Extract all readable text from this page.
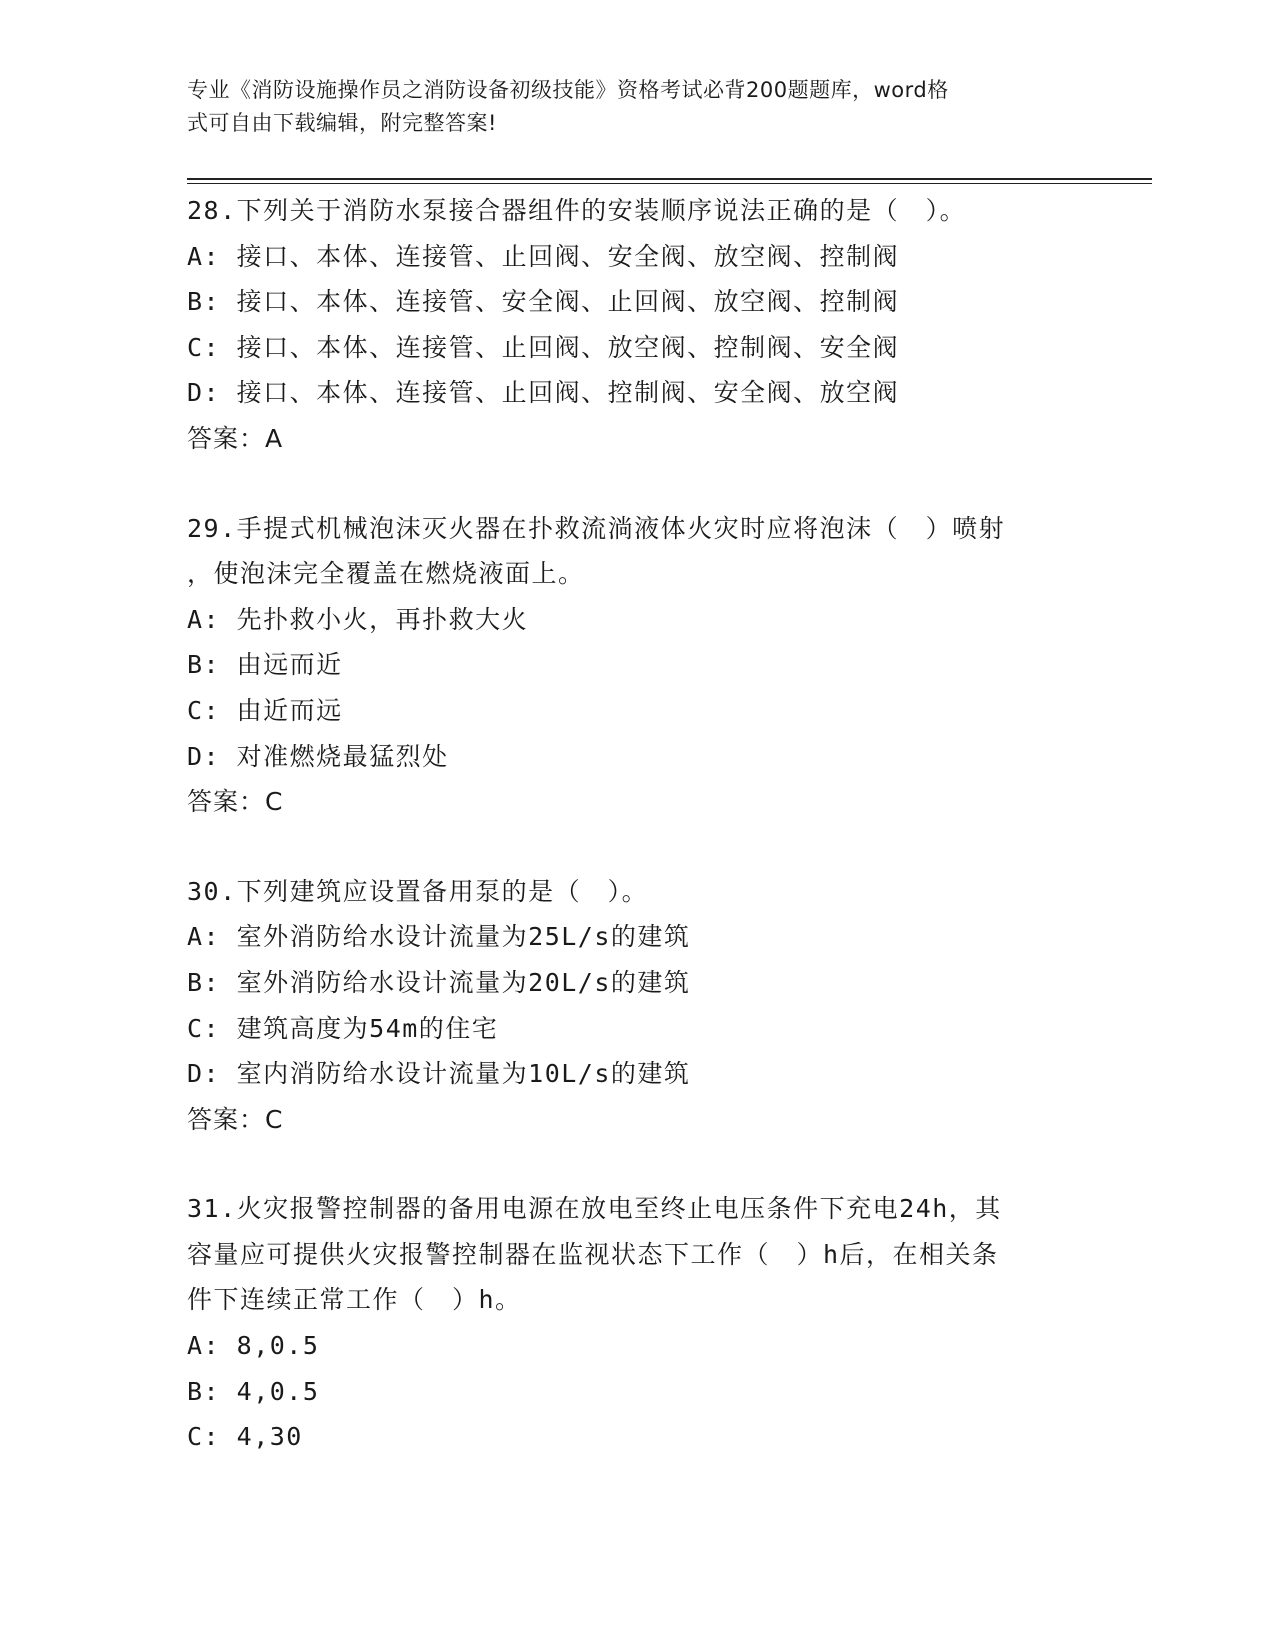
专业《消防设施操作员之消防设备初级技能》资格考试必背200题题库，word格
式可自由下载编辑，附完整答案!
28.下列关于消防水泵接合器组件的安装顺序说法正确的是（　）。
A: 接口、本体、连接管、止回阀、安全阀、放空阀、控制阀
B: 接口、本体、连接管、安全阀、止回阀、放空阀、控制阀
C: 接口、本体、连接管、止回阀、放空阀、控制阀、安全阀
D: 接口、本体、连接管、止回阀、控制阀、安全阀、放空阀
答案：A
29.手提式机械泡沫灭火器在扑救流淌液体火灾时应将泡沫（　）喷射
，使泡沫完全覆盖在燃烧液面上。
A: 先扑救小火，再扑救大火
B: 由远而近
C: 由近而远
D: 对准燃烧最猛烈处
答案：C
30.下列建筑应设置备用泵的是（　）。
A: 室外消防给水设计流量为25L/s的建筑
B: 室外消防给水设计流量为20L/s的建筑
C: 建筑高度为54m的住宅
D: 室内消防给水设计流量为10L/s的建筑
答案：C
31.火灾报警控制器的备用电源在放电至终止电压条件下充电24h，其
容量应可提供火灾报警控制器在监视状态下工作（　）h后，在相关条
件下连续正常工作（　）h。
A: 8,0.5
B: 4,0.5
C: 4,30
